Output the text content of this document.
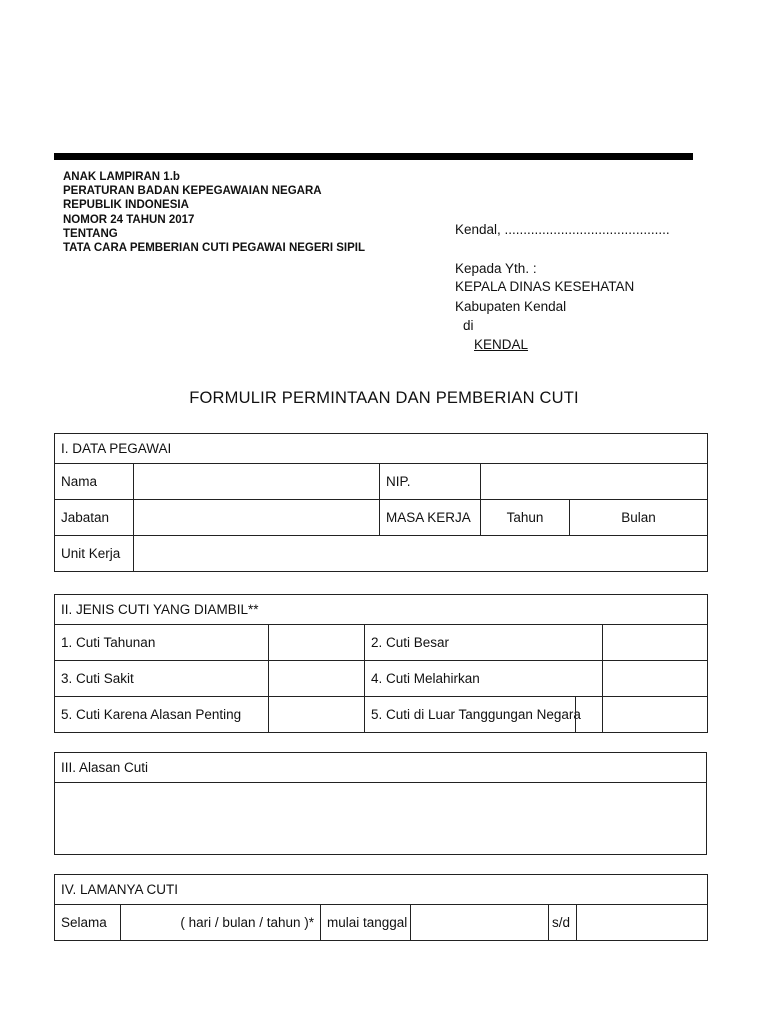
ANAK LAMPIRAN 1.b
PERATURAN BADAN KEPEGAWAIAN NEGARA
REPUBLIK INDONESIA
NOMOR 24 TAHUN 2017
TENTANG
TATA CARA PEMBERIAN CUTI PEGAWAI NEGERI SIPIL
Kendal, ............................................
Kepada Yth. :
KEPALA DINAS KESEHATAN
Kabupaten Kendal
di
KENDAL
FORMULIR PERMINTAAN DAN PEMBERIAN CUTI
I. DATA PEGAWAI				
Nama		NIP.		
Jabatan		MASA KERJA	Tahun	Bulan
Unit Kerja				
II. JENIS CUTI YANG DIAMBIL**			
1. Cuti Tahunan		2. Cuti Besar	
3. Cuti Sakit		4. Cuti Melahirkan	
5. Cuti Karena Alasan Penting		5. Cuti di Luar Tanggungan Negara

III. Alasan Cuti

IV. LAMANYA CUTI
Selama	( hari / bulan / tahun )*	mulai tanggal		s/d	
